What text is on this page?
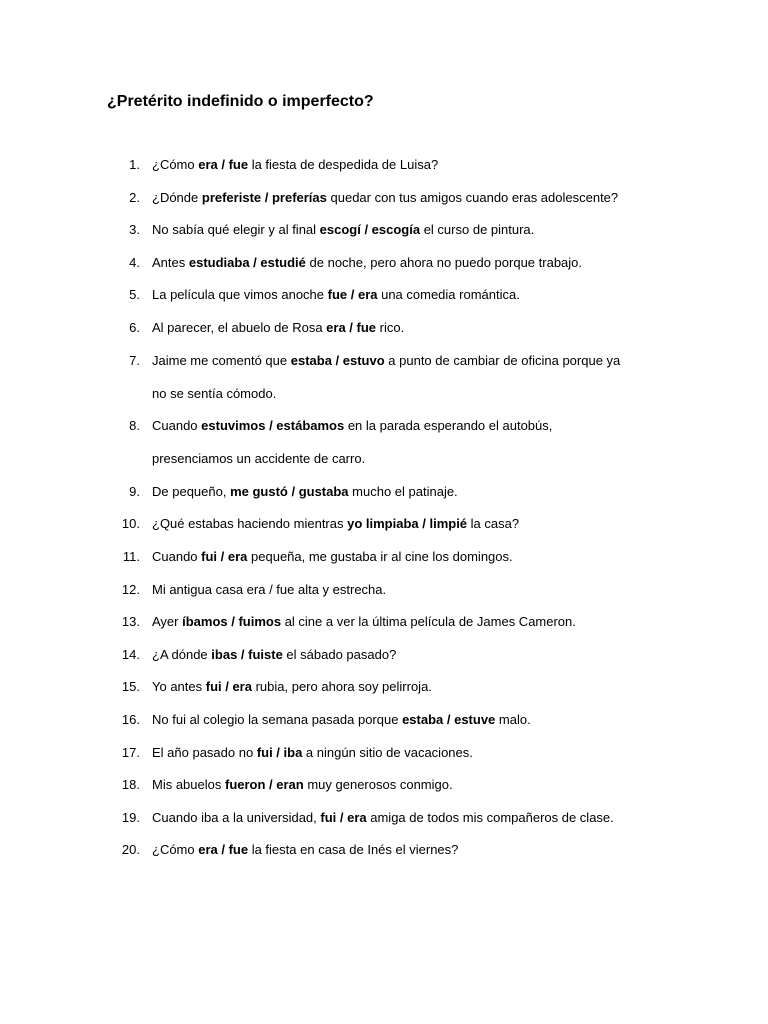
¿Pretérito indefinido o imperfecto?
1. ¿Cómo era / fue la fiesta de despedida de Luisa?
2. ¿Dónde preferiste / preferías quedar con tus amigos cuando eras adolescente?
3. No sabía qué elegir y al final escogí / escogía el curso de pintura.
4. Antes estudiaba / estudié de noche, pero ahora no puedo porque trabajo.
5. La película que vimos anoche fue / era una comedia romántica.
6. Al parecer, el abuelo de Rosa era / fue rico.
7. Jaime me comentó que estaba / estuvo a punto de cambiar de oficina porque ya
no se sentía cómodo.
8. Cuando estuvimos / estábamos en la parada esperando el autobús,
presenciamos un accidente de carro.
9. De pequeño, me gustó / gustaba mucho el patinaje.
10. ¿Qué estabas haciendo mientras yo limpiaba / limpié la casa?
11. Cuando fui / era pequeña, me gustaba ir al cine los domingos.
12. Mi antigua casa era / fue alta y estrecha.
13. Ayer íbamos / fuimos al cine a ver la última película de James Cameron.
14. ¿A dónde ibas / fuiste el sábado pasado?
15. Yo antes fui / era rubia, pero ahora soy pelirroja.
16. No fui al colegio la semana pasada porque estaba / estuve malo.
17. El año pasado no fui / iba a ningún sitio de vacaciones.
18. Mis abuelos fueron / eran muy generosos conmigo.
19. Cuando iba a la universidad, fui / era amiga de todos mis compañeros de clase.
20. ¿Cómo era / fue la fiesta en casa de Inés el viernes?
